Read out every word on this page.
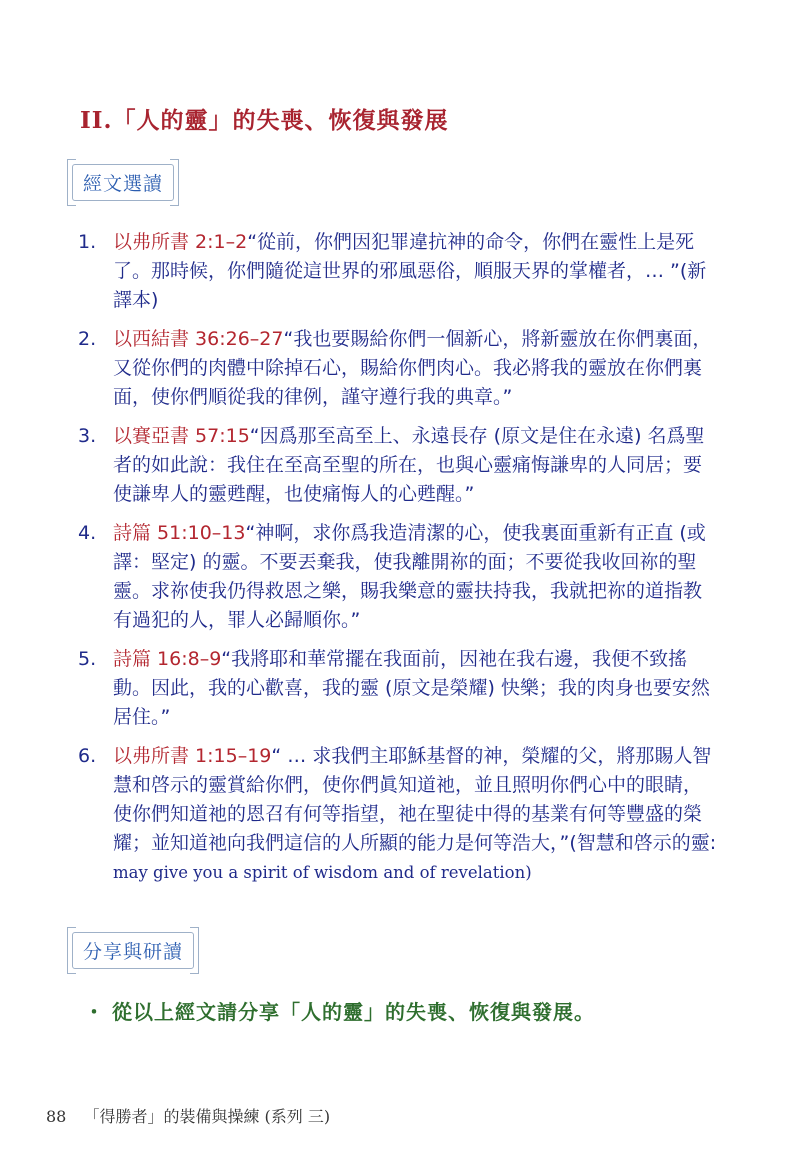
II.「人的靈」的失喪、恢復與發展
經文選讀
1. 以弗所書 2:1–2“從前，你們因犯罪違抗神的命令，你們在靈性上是死了。那時候，你們隨從這世界的邪風惡俗，順服天界的掌權者，… ”(新譯本)
2. 以西結書 36:26–27“我也要賜給你們一個新心，將新靈放在你們裏面，又從你們的肉體中除掉石心，賜給你們肉心。我必將我的靈放在你們裏面，使你們順從我的律例，謹守遵行我的典章。”
3. 以賽亞書 57:15“因爲那至高至上、永遠長存 (原文是住在永遠) 名爲聖者的如此說：我住在至高至聖的所在，也與心靈痛悔謙卑的人同居；要使謙卑人的靈甦醒，也使痛悔人的心甦醒。”
4. 詩篇 51:10–13“神啊，求你爲我造清潔的心，使我裏面重新有正直 (或譯：堅定) 的靈。不要丟棄我，使我離開祢的面；不要從我收回祢的聖靈。求祢使我仍得救恩之樂，賜我樂意的靈扶持我，我就把祢的道指教有過犯的人，罪人必歸順你。”
5. 詩篇 16:8–9“我將耶和華常擺在我面前，因祂在我右邊，我便不致搖動。因此，我的心歡喜，我的靈 (原文是榮耀) 快樂；我的肉身也要安然居住。”
6. 以弗所書 1:15–19“ … 求我們主耶穌基督的神，榮耀的父，將那賜人智慧和啓示的靈賞給你們，使你們眞知道祂，並且照明你們心中的眼睛，使你們知道祂的恩召有何等指望，祂在聖徒中得的基業有何等豐盛的榮耀；並知道祂向我們這信的人所顯的能力是何等浩大，”(智慧和啓示的靈: may give you a spirit of wisdom and of revelation)
分享與研讀
・ 從以上經文請分享「人的靈」的失喪、恢復與發展。
88 「得勝者」的裝備與操練 (系列 三)
